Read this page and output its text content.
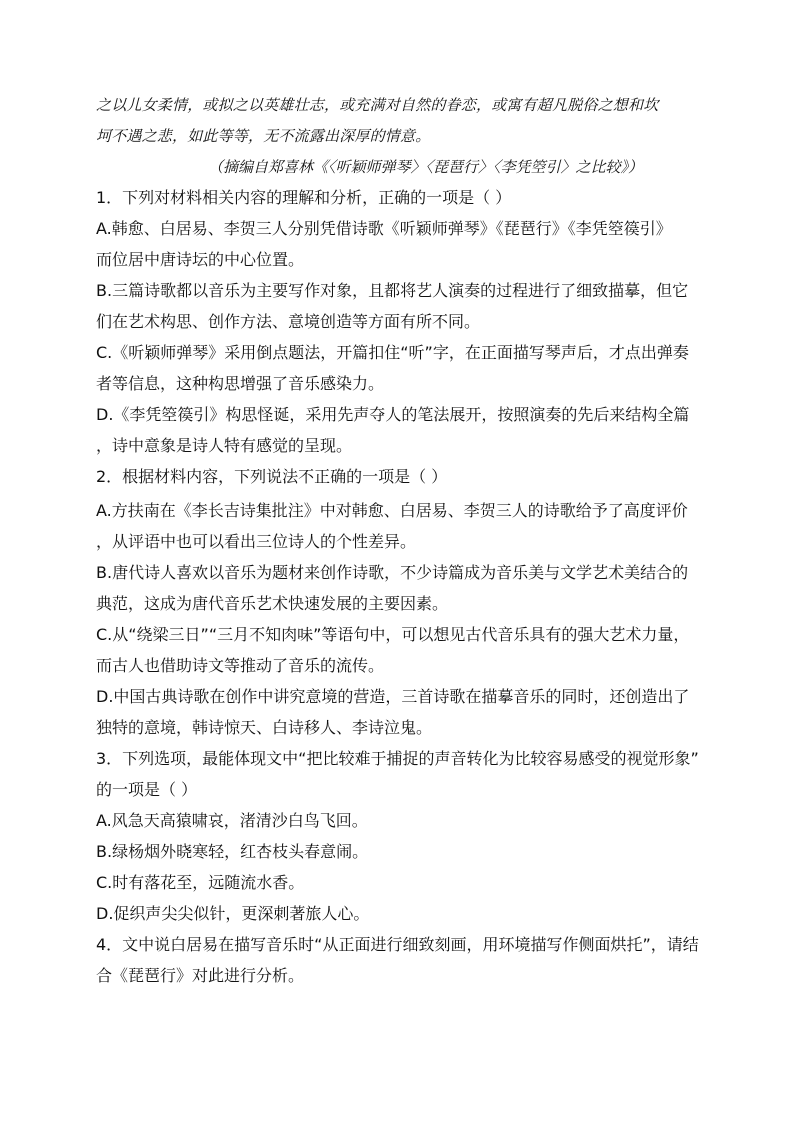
之以儿女柔情，或拟之以英雄壮志，或充满对自然的眷恋，或寓有超凡脱俗之想和坎
坷不遇之悲，如此等等，无不流露出深厚的情意。
（摘编自郑喜林《〈听颖师弹琴〉〈琵琶行〉〈李凭箜引〉之比较》）
1．下列对材料相关内容的理解和分析，正确的一项是（ ）
A.韩愈、白居易、李贺三人分别凭借诗歌《听颖师弹琴》《琵琶行》《李凭箜篌引》
而位居中唐诗坛的中心位置。
B.三篇诗歌都以音乐为主要写作对象，且都将艺人演奏的过程进行了细致描摹，但它
们在艺术构思、创作方法、意境创造等方面有所不同。
C.《听颖师弹琴》采用倒点题法，开篇扣住“听”字，在正面描写琴声后，才点出弹奏
者等信息，这种构思增强了音乐感染力。
D.《李凭箜篌引》构思怪诞，采用先声夺人的笔法展开，按照演奏的先后来结构全篇
，诗中意象是诗人特有感觉的呈现。
2．根据材料内容，下列说法不正确的一项是（ ）
A.方扶南在《李长吉诗集批注》中对韩愈、白居易、李贺三人的诗歌给予了高度评价
，从评语中也可以看出三位诗人的个性差异。
B.唐代诗人喜欢以音乐为题材来创作诗歌，不少诗篇成为音乐美与文学艺术美结合的
典范，这成为唐代音乐艺术快速发展的主要因素。
C.从“绕梁三日”“三月不知肉味”等语句中，可以想见古代音乐具有的强大艺术力量，
而古人也借助诗文等推动了音乐的流传。
D.中国古典诗歌在创作中讲究意境的营造，三首诗歌在描摹音乐的同时，还创造出了
独特的意境，韩诗惊天、白诗移人、李诗泣鬼。
3．下列选项，最能体现文中“把比较难于捕捉的声音转化为比较容易感受的视觉形象”
的一项是（ ）
A.风急天高猿啸哀，渚清沙白鸟飞回。
B.绿杨烟外晓寒轻，红杏枝头春意闹。
C.时有落花至，远随流水香。
D.促织声尖尖似针，更深刺著旅人心。
4．文中说白居易在描写音乐时“从正面进行细致刻画，用环境描写作侧面烘托”，请结
合《琵琶行》对此进行分析。
